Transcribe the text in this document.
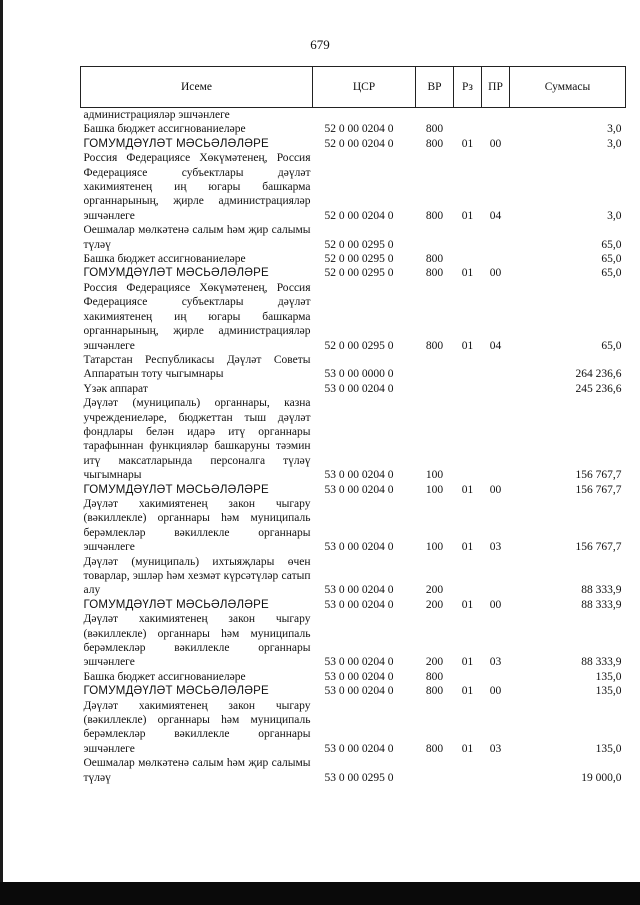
679
Исеме	ЦСР	ВР	Рз	ПР	Суммасы
администрацияләр эшчәнлеге					
Башка бюджет ассигнованиеләре	52 0 00 0204 0	800			3,0
ГОМУМДӘҮЛӘТ МӘСЬӘЛӘЛӘРЕ	52 0 00 0204 0	800	01	00	3,0
Россия Федерациясе Хөкүмәтенең, Россия Федерациясе субъектлары дәүләт хакимиятенең иң югары башкарма органнарының, җирле администрацияләр эшчәнлеге	52 0 00 0204 0	800	01	04	3,0
Оешмалар мөлкәтенә салым һәм җир салымы түләү	52 0 00 0295 0				65,0
Башка бюджет ассигнованиеләре	52 0 00 0295 0	800			65,0
ГОМУМДӘҮЛӘТ МӘСЬӘЛӘЛӘРЕ	52 0 00 0295 0	800	01	00	65,0
Россия Федерациясе Хөкүмәтенең, Россия Федерациясе субъектлары дәүләт хакимиятенең иң югары башкарма органнарының, җирле администрацияләр эшчәнлеге	52 0 00 0295 0	800	01	04	65,0
Татарстан Республикасы Дәүләт Советы Аппаратын тоту чыгымнары	53 0 00 0000 0				264 236,6
Үзәк аппарат	53 0 00 0204 0				245 236,6
Дәүләт (муниципаль) органнары, казна учреждениеләре, бюджеттан тыш дәүләт фондлары белән идарә итү органнары тарафыннан функцияләр башкаруны тәэмин итү максатларында персоналга түләү чыгымнары	53 0 00 0204 0	100			156 767,7
ГОМУМДӘҮЛӘТ МӘСЬӘЛӘЛӘРЕ	53 0 00 0204 0	100	01	00	156 767,7
Дәүләт хакимиятенең закон чыгару (вәкиллекле) органнары һәм муниципаль берәмлекләр вәкиллекле органнары эшчәнлеге	53 0 00 0204 0	100	01	03	156 767,7
Дәүләт (муниципаль) ихтыяҗлары өчен товарлар, эшләр һәм хезмәт күрсәтүләр сатып алу	53 0 00 0204 0	200			88 333,9
ГОМУМДӘҮЛӘТ МӘСЬӘЛӘЛӘРЕ	53 0 00 0204 0	200	01	00	88 333,9
Дәүләт хакимиятенең закон чыгару (вәкиллекле) органнары һәм муниципаль берәмлекләр вәкиллекле органнары эшчәнлеге	53 0 00 0204 0	200	01	03	88 333,9
Башка бюджет ассигнованиеләре	53 0 00 0204 0	800			135,0
ГОМУМДӘҮЛӘТ МӘСЬӘЛӘЛӘРЕ	53 0 00 0204 0	800	01	00	135,0
Дәүләт хакимиятенең закон чыгару (вәкиллекле) органнары һәм муниципаль берәмлекләр вәкиллекле органнары эшчәнлеге	53 0 00 0204 0	800	01	03	135,0
Оешмалар мөлкәтенә салым һәм җир салымы түләү	53 0 00 0295 0				19 000,0
